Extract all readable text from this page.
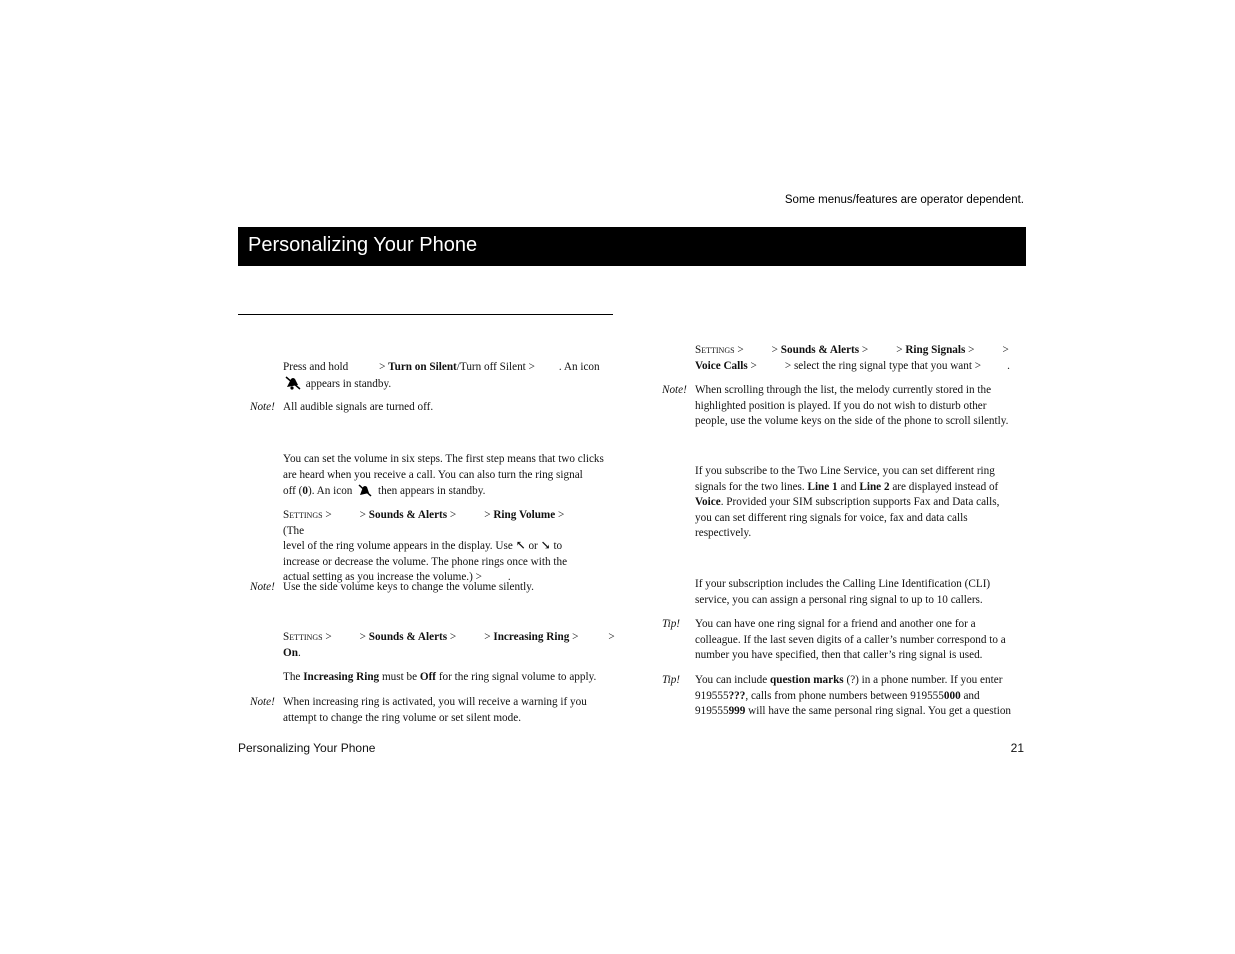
Some menus/features are operator dependent.
Personalizing Your Phone

Press and hold	> Turn on Silent/Turn off Silent > . An icon

appears in standby.

Note! All audible signals are turned off.

You can set the volume in six steps. The first step means that two clicks

are heard when you receive a call. You can also turn the ring signal

off (0). An icon then appears in standby.

Settings >	> Sounds & Alerts >	> Ring Volume >(The

level of the ring volume appears in the display. Use ↖ or ↘ to

increase or decrease the volume. The phone rings once with the

actual setting as you increase the volume.) > .

Note! Use the side volume keys to change the volume silently.

Settings >	> Sounds & Alerts >	> Increasing Ring >	>

On.

The Increasing Ring must be Off for the ring signal volume to apply.
Note! When increasing ring is activated, you will receive a warning if you

attempt to change the ring volume or set silent mode.

Settings >	> Sounds & Alerts >	> Ring Signals >	>

Voice Calls >	> select the ring signal type that you want > .

Note! When scrolling through the list, the melody currently stored in the

highlighted position is played. If you do not wish to disturb other

people, use the volume keys on the side of the phone to scroll silently.

If you subscribe to the Two Line Service, you can set different ring

signals for the two lines. Line 1 and Line 2 are displayed instead of

Voice. Provided your SIM subscription supports Fax and Data calls,

you can set different ring signals for voice, fax and data calls

respectively.

If your subscription includes the Calling Line Identification (CLI)

service, you can assign a personal ring signal to up to 10 callers.

Tip!	You can have one ring signal for a friend and another one for a

colleague. If the last seven digits of a caller’s number correspond to a

number you have specified, then that caller’s ring signal is used.

Tip!	You can include question marks (?) in a phone number. If you enter

919555???, calls from phone numbers between 919555000 and

919555999 will have the same personal ring signal. You get a question

Personalizing Your Phone	21
